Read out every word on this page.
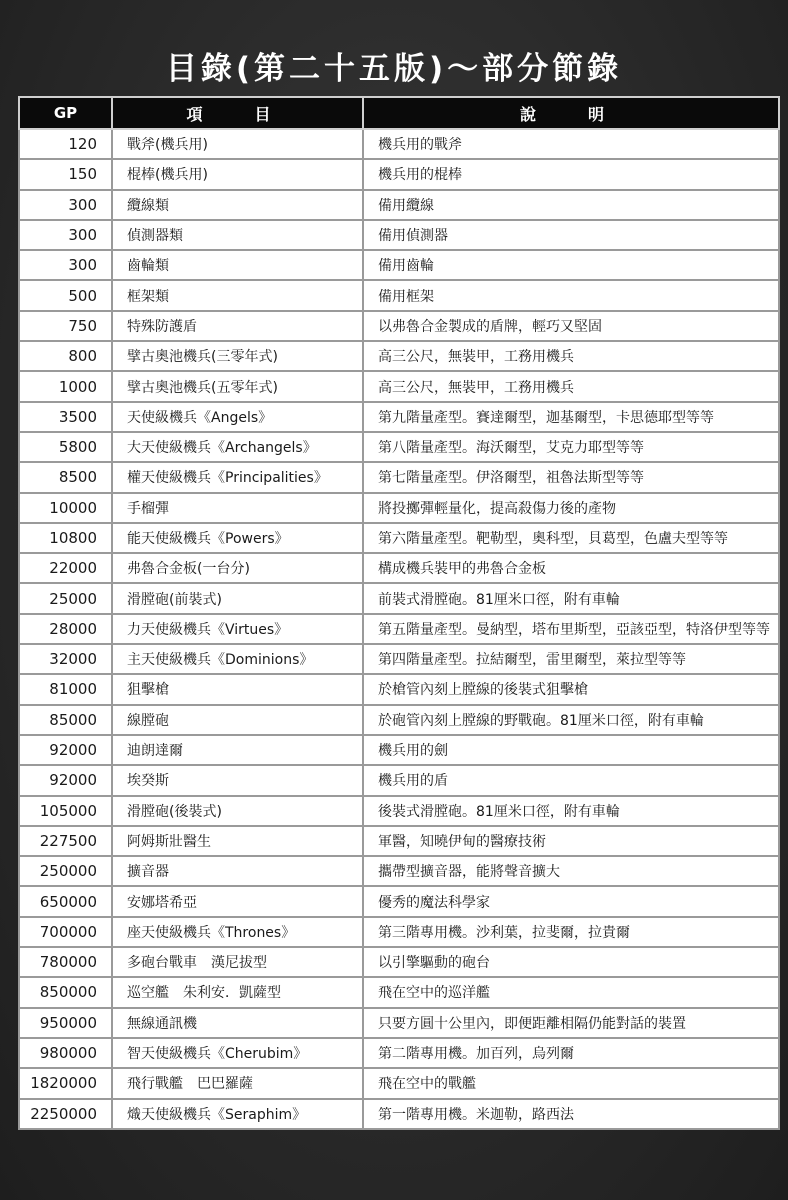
目錄(第二十五版)～部分節錄
GP	項　目	說　明
120	戰斧(機兵用)	機兵用的戰斧
150	棍棒(機兵用)	機兵用的棍棒
300	纜線類	備用纜線
300	偵測器類	備用偵測器
300	齒輪類	備用齒輪
500	框架類	備用框架
750	特殊防護盾	以弗魯合金製成的盾牌，輕巧又堅固
800	擘古奧池機兵(三零年式)	高三公尺，無裝甲，工務用機兵
1000	擘古奧池機兵(五零年式)	高三公尺，無裝甲，工務用機兵
3500	天使級機兵《Angels》	第九階量產型。賽達爾型，迦基爾型，卡思德耶型等等
5800	大天使級機兵《Archangels》	第八階量產型。海沃爾型，艾克力耶型等等
8500	權天使級機兵《Principalities》	第七階量產型。伊洛爾型，祖魯法斯型等等
10000	手榴彈	將投擲彈輕量化，提高殺傷力後的產物
10800	能天使級機兵《Powers》	第六階量產型。靶勒型，奧科型，貝葛型，色盧夫型等等
22000	弗魯合金板(一台分)	構成機兵裝甲的弗魯合金板
25000	滑膛砲(前裝式)	前裝式滑膛砲。81厘米口徑，附有車輪
28000	力天使級機兵《Virtues》	第五階量產型。曼納型，塔布里斯型，亞該亞型，特洛伊型等等
32000	主天使級機兵《Dominions》	第四階量產型。拉結爾型，雷里爾型，萊拉型等等
81000	狙擊槍	於槍管內刻上膛線的後裝式狙擊槍
85000	線膛砲	於砲管內刻上膛線的野戰砲。81厘米口徑，附有車輪
92000	迪朗達爾	機兵用的劍
92000	埃癸斯	機兵用的盾
105000	滑膛砲(後裝式)	後裝式滑膛砲。81厘米口徑，附有車輪
227500	阿姆斯壯醫生	軍醫，知曉伊甸的醫療技術
250000	擴音器	攜帶型擴音器，能將聲音擴大
650000	安娜塔希亞	優秀的魔法科學家
700000	座天使級機兵《Thrones》	第三階專用機。沙利葉，拉斐爾，拉貴爾
780000	多砲台戰車　漢尼拔型	以引擎驅動的砲台
850000	巡空艦　朱利安．凱薩型	飛在空中的巡洋艦
950000	無線通訊機	只要方圓十公里內，即便距離相隔仍能對話的裝置
980000	智天使級機兵《Cherubim》	第二階專用機。加百列，烏列爾
1820000	飛行戰艦　巴巴羅薩	飛在空中的戰艦
2250000	熾天使級機兵《Seraphim》	第一階專用機。米迦勒，路西法
